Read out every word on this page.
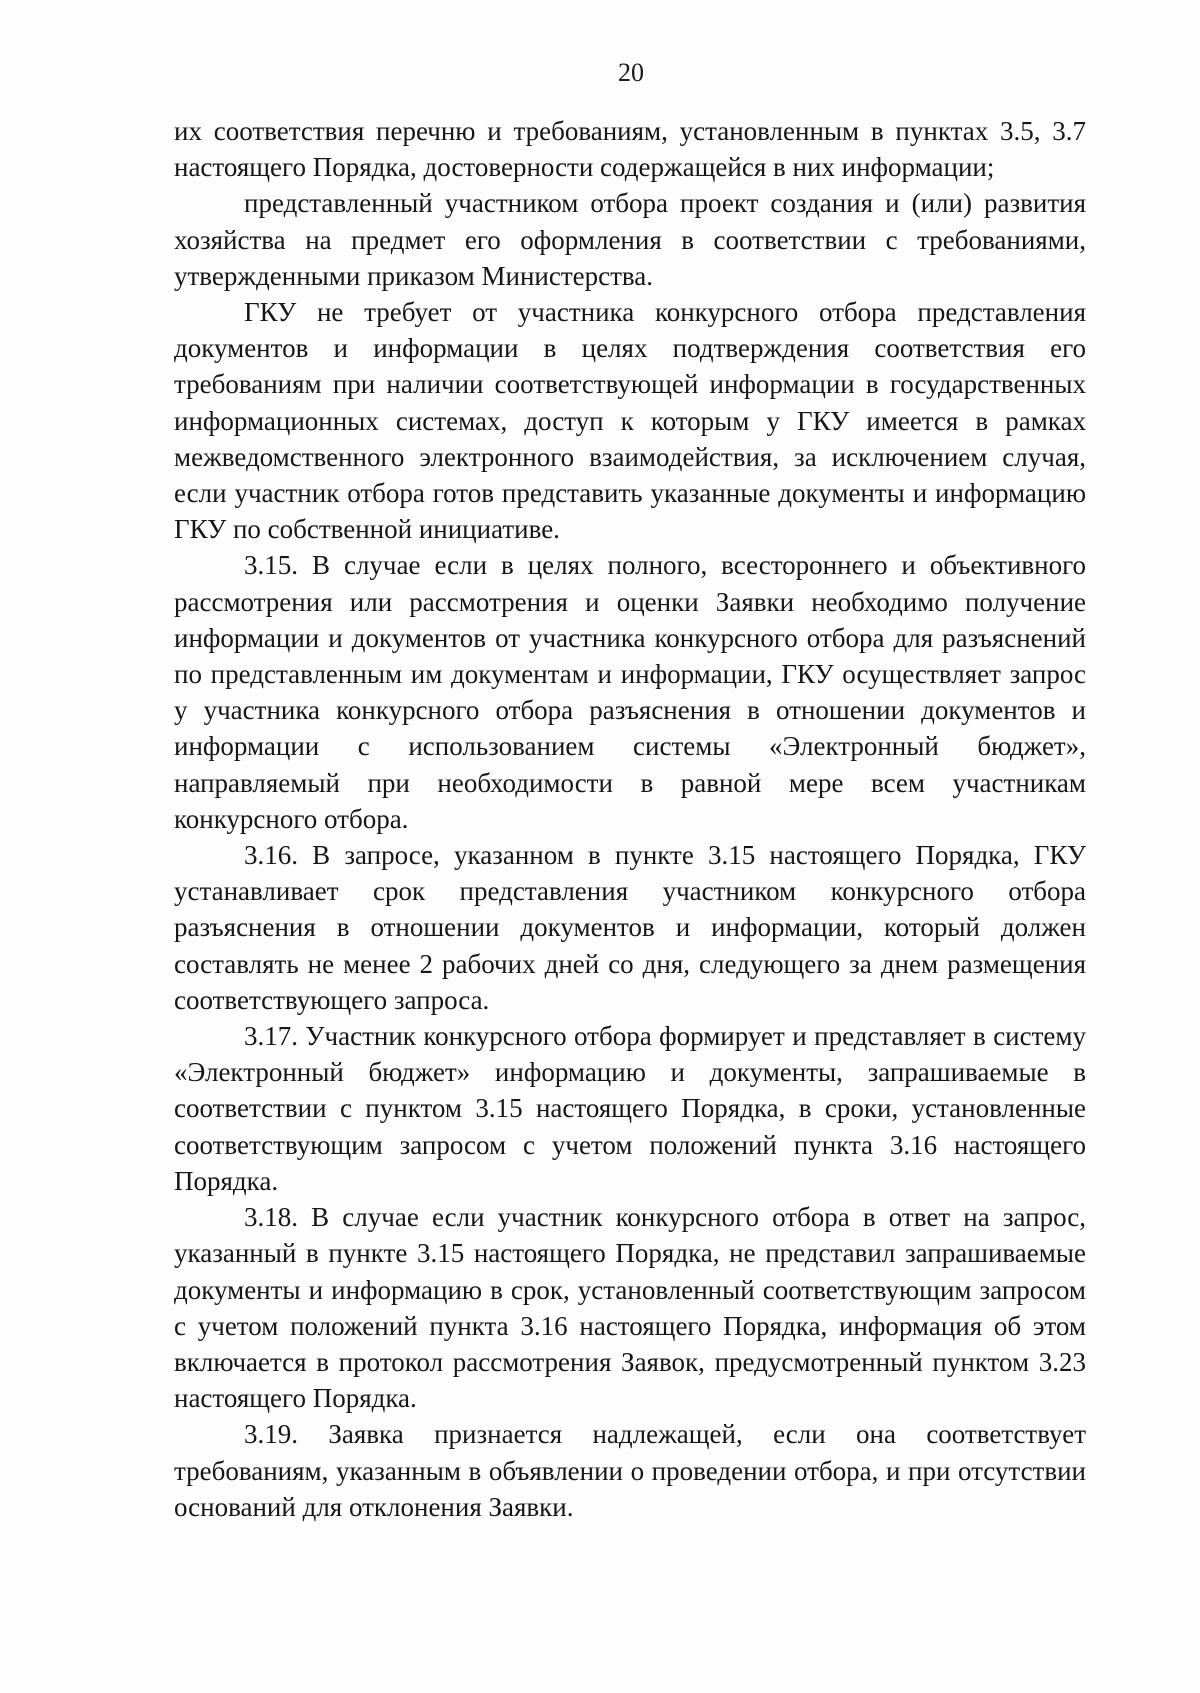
20

их соответствия перечню и требованиям, установленным в пунктах 3.5, 3.7 настоящего Порядка, достоверности содержащейся в них информации;

представленный участником отбора проект создания и (или) развития хозяйства на предмет его оформления в соответствии с требованиями, утвержденными приказом Министерства.

ГКУ не требует от участника конкурсного отбора представления документов и информации в целях подтверждения соответствия его требованиям при наличии соответствующей информации в государственных информационных системах, доступ к которым у ГКУ имеется в рамках межведомственного электронного взаимодействия, за исключением случая, если участник отбора готов представить указанные документы и информацию ГКУ по собственной инициативе.

3.15. В случае если в целях полного, всестороннего и объективного рассмотрения или рассмотрения и оценки Заявки необходимо получение информации и документов от участника конкурсного отбора для разъяснений по представленным им документам и информации, ГКУ осуществляет запрос у участника конкурсного отбора разъяснения в отношении документов и информации с использованием системы «Электронный бюджет», направляемый при необходимости в равной мере всем участникам конкурсного отбора.

3.16. В запросе, указанном в пункте 3.15 настоящего Порядка, ГКУ устанавливает срок представления участником конкурсного отбора разъяснения в отношении документов и информации, который должен составлять не менее 2 рабочих дней со дня, следующего за днем размещения соответствующего запроса.

3.17. Участник конкурсного отбора формирует и представляет в систему «Электронный бюджет» информацию и документы, запрашиваемые в соответствии с пунктом 3.15 настоящего Порядка, в сроки, установленные соответствующим запросом с учетом положений пункта 3.16 настоящего Порядка.

3.18. В случае если участник конкурсного отбора в ответ на запрос, указанный в пункте 3.15 настоящего Порядка, не представил запрашиваемые документы и информацию в срок, установленный соответствующим запросом с учетом положений пункта 3.16 настоящего Порядка, информация об этом включается в протокол рассмотрения Заявок, предусмотренный пунктом 3.23 настоящего Порядка.

3.19. Заявка признается надлежащей, если она соответствует требованиям, указанным в объявлении о проведении отбора, и при отсутствии оснований для отклонения Заявки.
